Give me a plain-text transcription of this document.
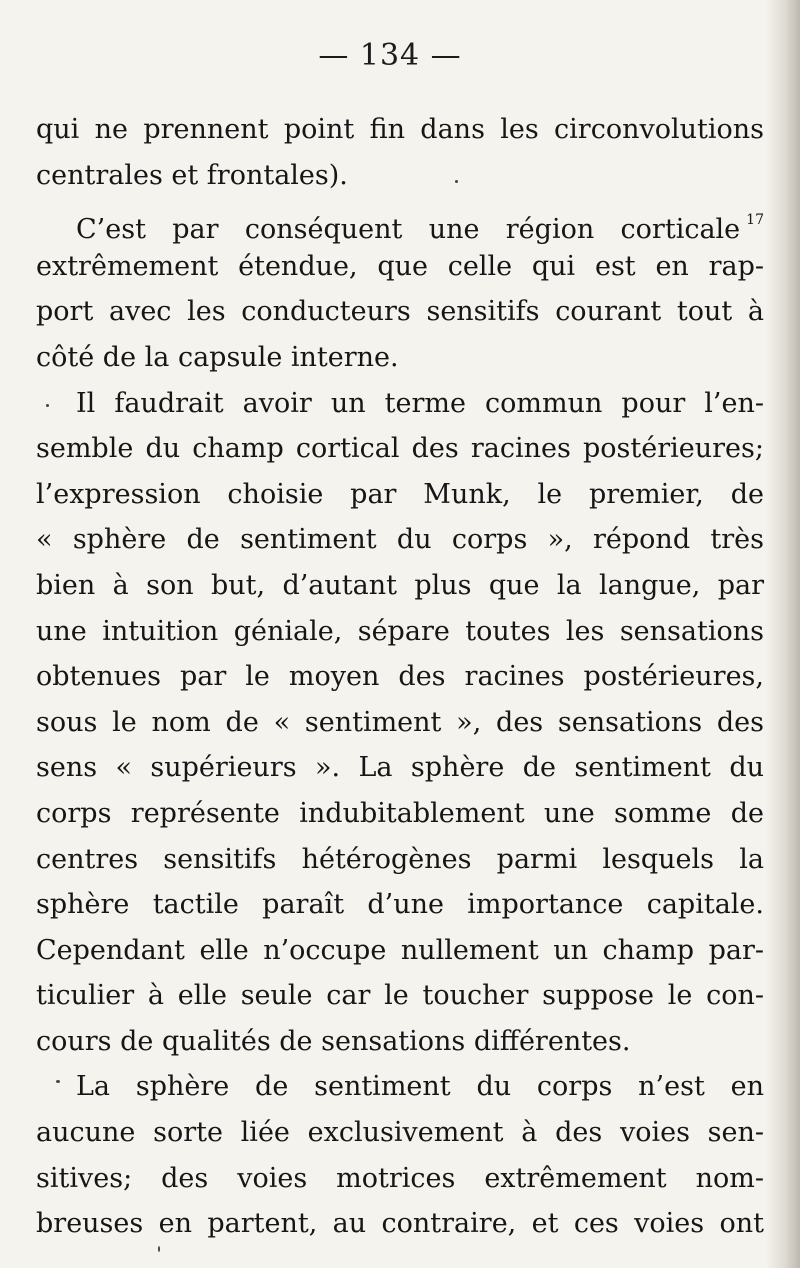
— 134 —
qui ne prennent point fin dans les circonvolutions
centrales et frontales).
C’est par conséquent une région corticale $^{17}$
extrêmement étendue, que celle qui est en rap-
port avec les conducteurs sensitifs courant tout à
côté de la capsule interne.
Il faudrait avoir un terme commun pour l’en-
semble du champ cortical des racines postérieures;
l’expression choisie par Munk, le premier, de
« sphère de sentiment du corps », répond très
bien à son but, d’autant plus que la langue, par
une intuition géniale, sépare toutes les sensations
obtenues par le moyen des racines postérieures,
sous le nom de « sentiment », des sensations des
sens « supérieurs ». La sphère de sentiment du
corps représente indubitablement une somme de
centres sensitifs hétérogènes parmi lesquels la
sphère tactile paraît d’une importance capitale.
Cependant elle n’occupe nullement un champ par-
ticulier à elle seule car le toucher suppose le con-
cours de qualités de sensations différentes.
La sphère de sentiment du corps n’est en
aucune sorte liée exclusivement à des voies sen-
sitives; des voies motrices extrêmement nom-
breuses en partent, au contraire, et ces voies ont
